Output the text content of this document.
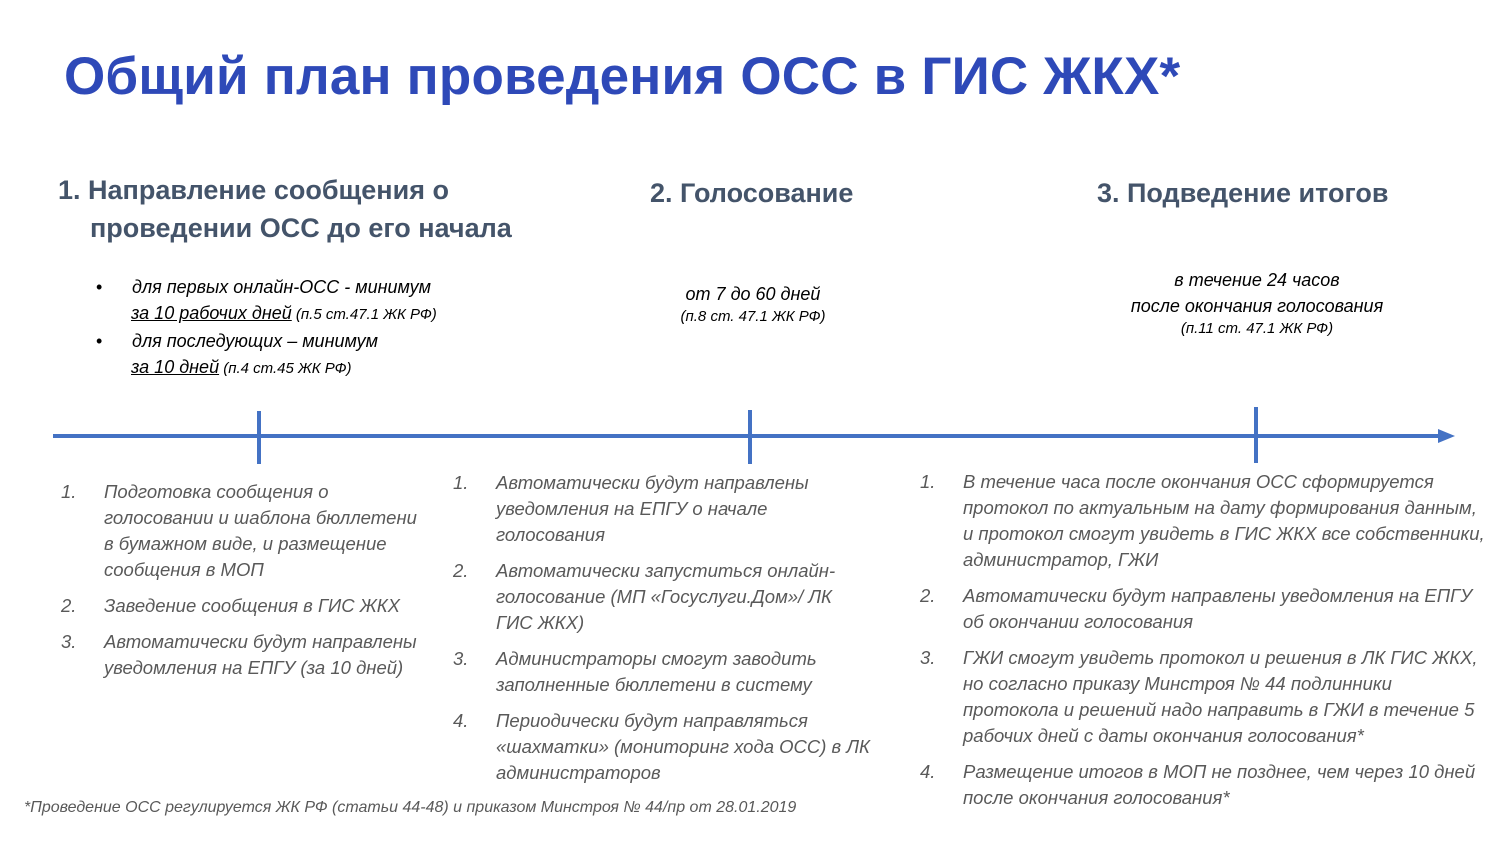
Общий план проведения ОСС в ГИС ЖКХ*
1. Направление сообщения о
проведении ОСС до его начала
2. Голосование	3. Подведение итогов
• для первых онлайн-ОСС - минимум
за 10 рабочих дней (п.5 ст.47.1 ЖК РФ)
• для последующих – минимум
за 10 дней (п.4 ст.45 ЖК РФ)
от 7 до 60 дней
(п.8 ст. 47.1 ЖК РФ)
в течение 24 часов
после окончания голосования
(п.11 ст. 47.1 ЖК РФ)
1. Подготовка сообщения о голосовании и шаблона бюллетени в бумажном виде, и размещение сообщения в МОП
2. Заведение сообщения в ГИС ЖКХ
3. Автоматически будут направлены уведомления на ЕПГУ (за 10 дней)
1. Автоматически будут направлены уведомления на ЕПГУ о начале голосования
2. Автоматически запуститься онлайн-голосование (МП «Госуслуги.Дом»/ ЛК ГИС ЖКХ)
3. Администраторы смогут заводить заполненные бюллетени в систему
4. Периодически будут направляться «шахматки» (мониторинг хода ОСС) в ЛК администраторов
1. В течение часа после окончания ОСС сформируется протокол по актуальным на дату формирования данным, и протокол смогут увидеть в ГИС ЖКХ все собственники, администратор, ГЖИ
2. Автоматически будут направлены уведомления на ЕПГУ об окончании голосования
3. ГЖИ смогут увидеть протокол и решения в ЛК ГИС ЖКХ, но согласно приказу Минстроя № 44 подлинники протокола и решений надо направить в ГЖИ в течение 5 рабочих дней с даты окончания голосования*
4. Размещение итогов в МОП не позднее, чем через 10 дней после окончания голосования*
*Проведение ОСС регулируется ЖК РФ (статьи 44-48) и приказом Минстроя № 44/пр от 28.01.2019
